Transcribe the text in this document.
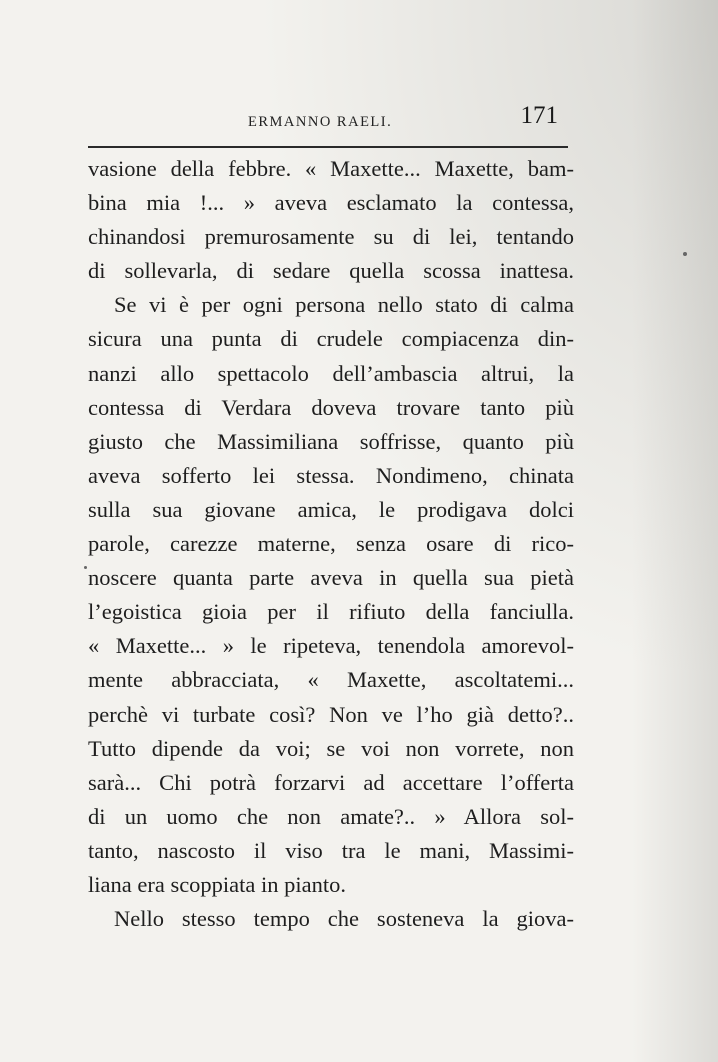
ERMANNO RAELI.	171
vasione della febbre. « Maxette... Maxette, bam-
bina mia !... » aveva esclamato la contessa,
chinandosi premurosamente su di lei, tentando
di sollevarla, di sedare quella scossa inattesa.
Se vi è per ogni persona nello stato di calma
sicura una punta di crudele compiacenza din-
nanzi allo spettacolo dell’ambascia altrui, la
contessa di Verdara doveva trovare tanto più
giusto che Massimiliana soffrisse, quanto più
aveva sofferto lei stessa. Nondimeno, chinata
sulla sua giovane amica, le prodigava dolci
parole, carezze materne, senza osare di rico-
noscere quanta parte aveva in quella sua pietà
l’egoistica gioia per il rifiuto della fanciulla.
« Maxette... » le ripeteva, tenendola amorevol-
mente abbracciata, « Maxette, ascoltatemi...
perchè vi turbate così? Non ve l’ho già detto?..
Tutto dipende da voi; se voi non vorrete, non
sarà... Chi potrà forzarvi ad accettare l’offerta
di un uomo che non amate?.. » Allora sol-
tanto, nascosto il viso tra le mani, Massimi-
liana era scoppiata in pianto.
Nello stesso tempo che sosteneva la giova-
